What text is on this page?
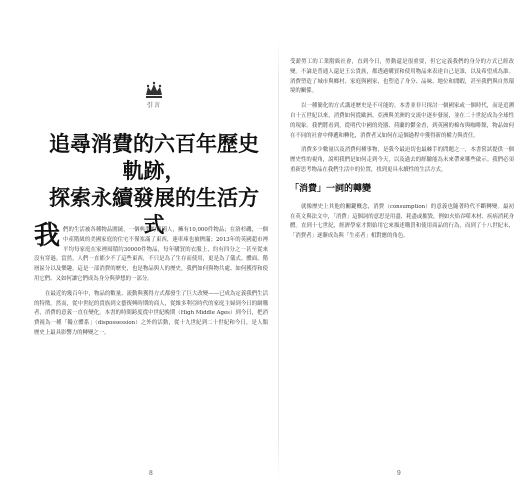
引言
追尋消費的六百年歷史軌跡，
探索永續發展的生活方式

我 們的生活被各種物品圍繞，一個典型的德國人，擁有10,000件物品；在洛杉磯，一個中產階級的美國家庭的住宅不僅塞滿了東西，連車庫也被擠滿；2013年的英國超市裡平均每家庭在家裡囤積約30000件物品，每年購買的衣服上，約有四分之一甚至從來沒有穿過。當然，人們一直都少不了這些東西，不只是為了生存而使用，更是為了儀式、體面、階層區分以及樂趣。這是一部消費的歷史，也是物品與人的歷史，我們如何與物共處、如何獲得和使用它們、又如何讓它們成為身分與夢想的一部分。

在最近的幾百年中，物品的數量、流動與獲得方式都發生了巨大改變——已成為定義我們生活的特徵。然而，從中世紀的貴族到文藝復興時期的商人，從維多利亞時代的家庭主婦到今日的網購者，消費的意義一直在變化。本書的時間跨度從中世紀晚期（High Middle Ages）到今日，把消費視為一種「獨立體系」（dispossession）之外的活動，從十九世紀到二十世紀和今日，是人類歷史上最具影響力的轉變之一。

受薪勞工的工業階級社會，直到今日，勞動還是很重要，但它定義我們的身分的方式已經改變。不論是普通人還是王公貴族，都透過購買和使用物品來表達自己是誰，以及希望成為誰。消費塑造了城市與鄉村、家庭與國家，也塑造了身分、品味、地位和閒暇，甚至我們與自然環境的關係。

以一種簡化的方式講述歷史是不可能的。本書並非只探討一個國家或一個時代，而是追溯自十五世紀以來，消費如何從歐洲、亞洲與美洲的交流中逐步發展，並在二十世紀成為全球性的現象。我們將看到，從明代中國的瓷器、荷蘭的鬱金香，到英國的棉布與咖啡館，物品如何在不同的社會中傳遞和轉化，消費者又如何在這個過程中獲得新的權力與責任。

消費多少數量以及消費何種事物，是我今最迫切也最棘手的問題之一，本書嘗試提供一個歷史性的視角，說明我們是如何走到今天，以及過去的經驗能為未來帶來哪些啟示。我們必須重新思考物品在我們生活中的位置，找到更具永續性的生活方式。

「消費」一詞的轉變

就像歷史上其他的關鍵概念，消費（consumption）的意義也隨著時代不斷轉變。最初在英文與法文中，「消費」這個詞的意思是用盡、耗盡或摧毀，例如火焰吞噬木材、疾病消耗身體。直到十七世紀，經濟學家才開始用它來描述購買和使用商品的行為，而到了十八世紀末，「消費者」逐漸成為與「生產者」相對應的角色。

8	9
